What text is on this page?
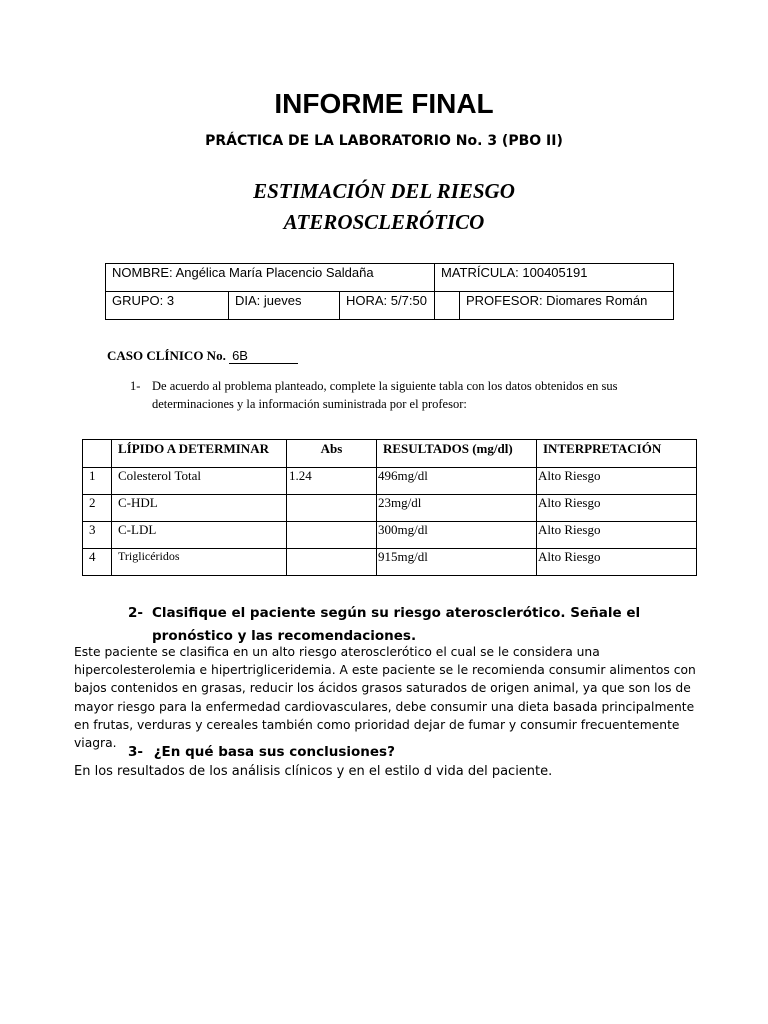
INFORME FINAL
PRÁCTICA DE LA LABORATORIO No. 3 (PBO II)
ESTIMACIÓN DEL RIESGO
ATEROSCLERÓTICO
NOMBRE: Angélica María Placencio Saldaña			MATRÍCULA: 100405191	
GRUPO: 3	DIA: jueves	HORA: 5/7:50		PROFESOR: Diomares Román
CASO CLÍNICO No. 6B
1- De acuerdo al problema planteado, complete la siguiente tabla con los datos obtenidos en sus determinaciones y la información suministrada por el profesor:
	LÍPIDO A DETERMINAR	Abs	RESULTADOS (mg/dl)	INTERPRETACIÓN
1	Colesterol Total	1.24	496mg/dl	Alto Riesgo
2	C-HDL		23mg/dl	Alto Riesgo
3	C-LDL		300mg/dl	Alto Riesgo
4	Triglicéridos		915mg/dl	Alto Riesgo
2- Clasifique el paciente según su riesgo aterosclerótico. Señale el pronóstico y las recomendaciones.
Este paciente se clasifica en un alto riesgo aterosclerótico el cual se le considera una hipercolesterolemia e hipertrigliceridemia. A este paciente se le recomienda consumir alimentos con bajos contenidos en grasas, reducir los ácidos grasos saturados de origen animal, ya que son los de mayor riesgo para la enfermedad cardiovasculares, debe consumir una dieta basada principalmente en frutas, verduras y cereales también como prioridad dejar de fumar y consumir frecuentemente viagra.
3- ¿En qué basa sus conclusiones?
En los resultados de los análisis clínicos y en el estilo d vida del paciente.
